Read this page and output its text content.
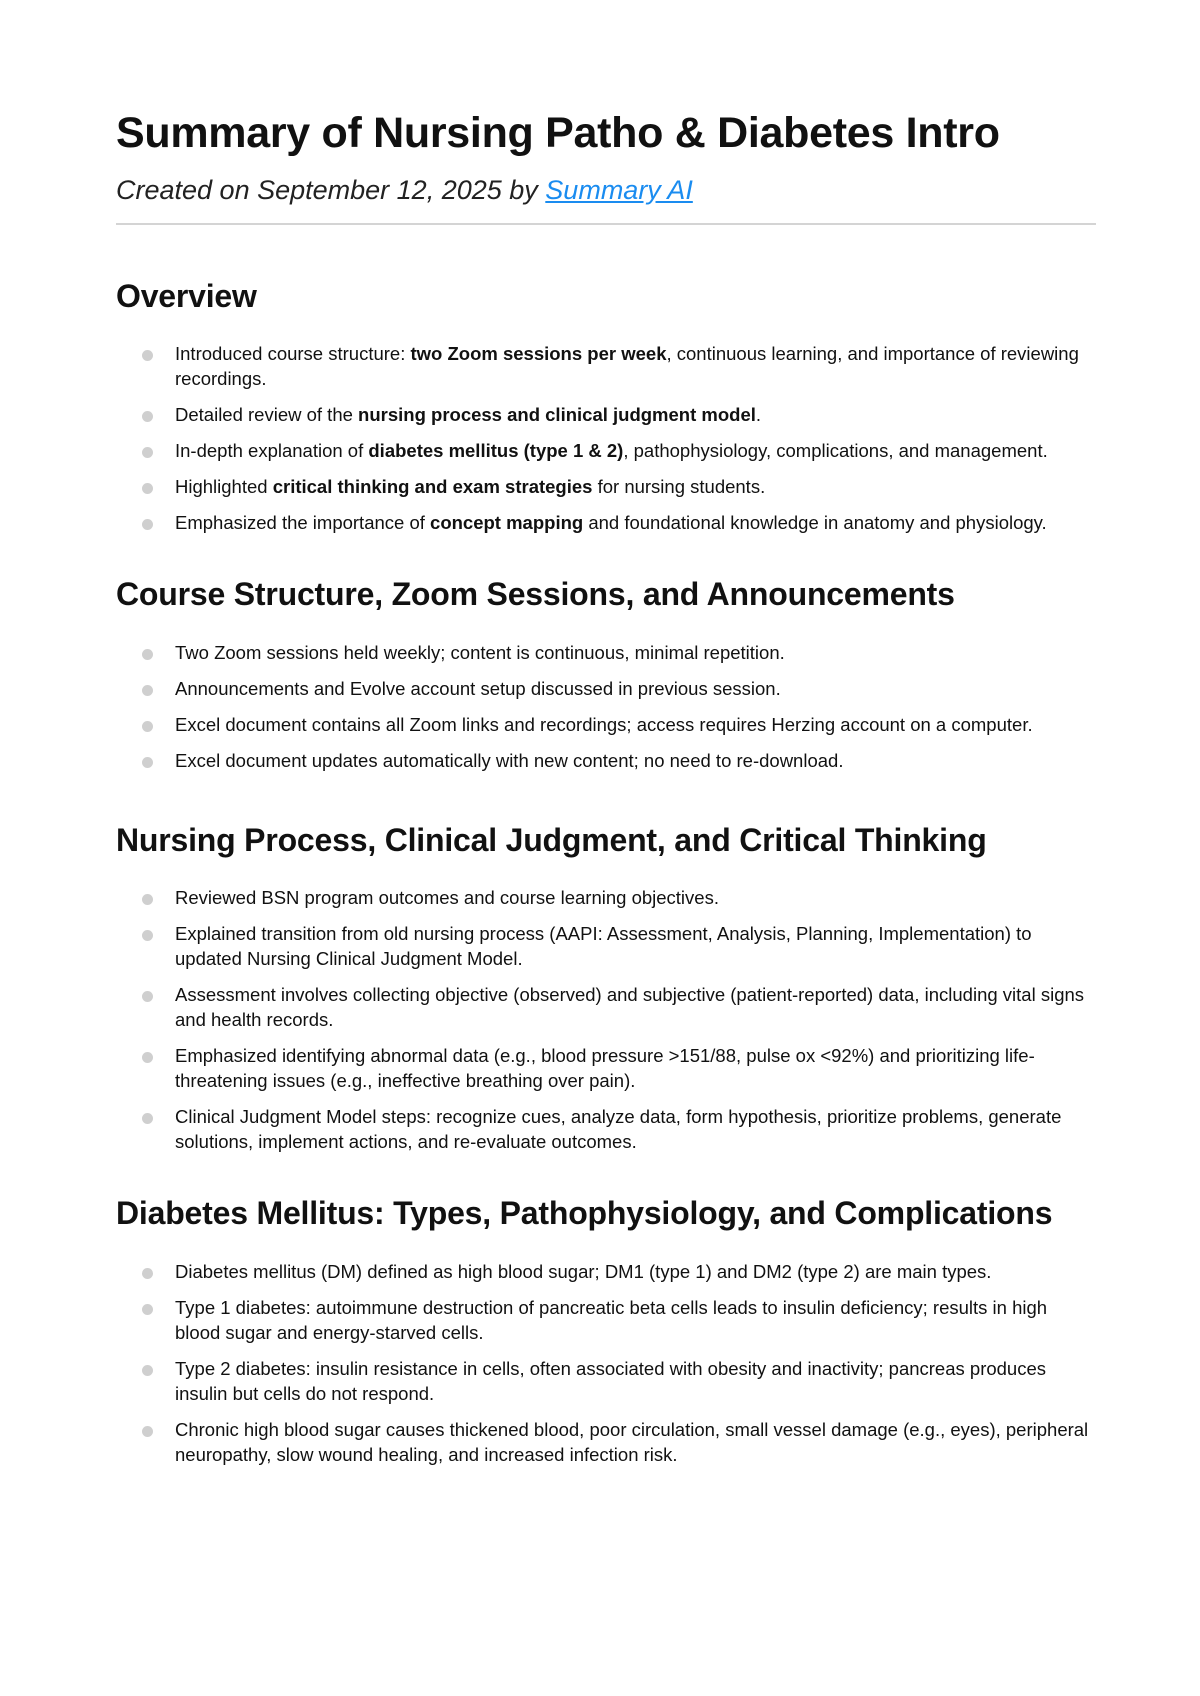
Summary of Nursing Patho & Diabetes Intro
Created on September 12, 2025 by Summary AI
Overview
Introduced course structure: two Zoom sessions per week, continuous learning, and importance of reviewing recordings.
Detailed review of the nursing process and clinical judgment model.
In-depth explanation of diabetes mellitus (type 1 & 2), pathophysiology, complications, and management.
Highlighted critical thinking and exam strategies for nursing students.
Emphasized the importance of concept mapping and foundational knowledge in anatomy and physiology.
Course Structure, Zoom Sessions, and Announcements
Two Zoom sessions held weekly; content is continuous, minimal repetition.
Announcements and Evolve account setup discussed in previous session.
Excel document contains all Zoom links and recordings; access requires Herzing account on a computer.
Excel document updates automatically with new content; no need to re-download.
Nursing Process, Clinical Judgment, and Critical Thinking
Reviewed BSN program outcomes and course learning objectives.
Explained transition from old nursing process (AAPI: Assessment, Analysis, Planning, Implementation) to updated Nursing Clinical Judgment Model.
Assessment involves collecting objective (observed) and subjective (patient-reported) data, including vital signs and health records.
Emphasized identifying abnormal data (e.g., blood pressure >151/88, pulse ox <92%) and prioritizing life-threatening issues (e.g., ineffective breathing over pain).
Clinical Judgment Model steps: recognize cues, analyze data, form hypothesis, prioritize problems, generate solutions, implement actions, and re-evaluate outcomes.
Diabetes Mellitus: Types, Pathophysiology, and Complications
Diabetes mellitus (DM) defined as high blood sugar; DM1 (type 1) and DM2 (type 2) are main types.
Type 1 diabetes: autoimmune destruction of pancreatic beta cells leads to insulin deficiency; results in high blood sugar and energy-starved cells.
Type 2 diabetes: insulin resistance in cells, often associated with obesity and inactivity; pancreas produces insulin but cells do not respond.
Chronic high blood sugar causes thickened blood, poor circulation, small vessel damage (e.g., eyes), peripheral neuropathy, slow wound healing, and increased infection risk.
